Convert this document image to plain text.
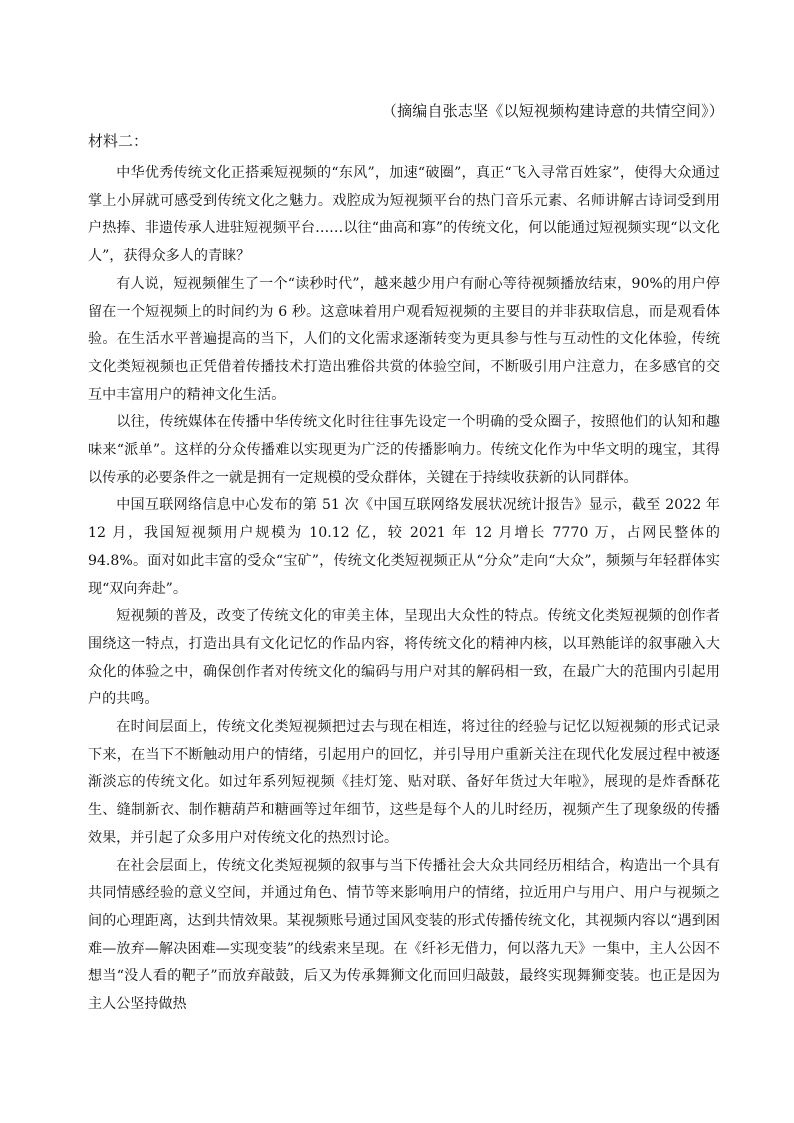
（摘编自张志坚《以短视频构建诗意的共情空间》）

材料二：

中华优秀传统文化正搭乘短视频的“东风”，加速“破圈”，真正“飞入寻常百姓家”，使得大众通过掌上小屏就可感受到传统文化之魅力。戏腔成为短视频平台的热门音乐元素、名师讲解古诗词受到用户热捧、非遗传承人进驻短视频平台……以往“曲高和寡”的传统文化，何以能通过短视频实现“以文化人”，获得众多人的青睐？

有人说，短视频催生了一个“读秒时代”，越来越少用户有耐心等待视频播放结束，90%的用户停留在一个短视频上的时间约为 6 秒。这意味着用户观看短视频的主要目的并非获取信息，而是观看体验。在生活水平普遍提高的当下，人们的文化需求逐渐转变为更具参与性与互动性的文化体验，传统文化类短视频也正凭借着传播技术打造出雅俗共赏的体验空间，不断吸引用户注意力，在多感官的交互中丰富用户的精神文化生活。

以往，传统媒体在传播中华传统文化时往往事先设定一个明确的受众圈子，按照他们的认知和趣味来“派单”。这样的分众传播难以实现更为广泛的传播影响力。传统文化作为中华文明的瑰宝，其得以传承的必要条件之一就是拥有一定规模的受众群体，关键在于持续收获新的认同群体。

中国互联网络信息中心发布的第 51 次《中国互联网络发展状况统计报告》显示，截至 2022 年 12 月，我国短视频用户规模为 10.12 亿，较 2021 年 12 月增长 7770 万，占网民整体的 94.8%。面对如此丰富的受众“宝矿”，传统文化类短视频正从“分众”走向“大众”，频频与年轻群体实现“双向奔赴”。

短视频的普及，改变了传统文化的审美主体，呈现出大众性的特点。传统文化类短视频的创作者围绕这一特点，打造出具有文化记忆的作品内容，将传统文化的精神内核，以耳熟能详的叙事融入大众化的体验之中，确保创作者对传统文化的编码与用户对其的解码相一致，在最广大的范围内引起用户的共鸣。

在时间层面上，传统文化类短视频把过去与现在相连，将过往的经验与记忆以短视频的形式记录下来，在当下不断触动用户的情绪，引起用户的回忆，并引导用户重新关注在现代化发展过程中被逐渐淡忘的传统文化。如过年系列短视频《挂灯笼、贴对联、备好年货过大年啦》，展现的是炸香酥花生、缝制新衣、制作糖葫芦和糖画等过年细节，这些是每个人的儿时经历，视频产生了现象级的传播效果，并引起了众多用户对传统文化的热烈讨论。

在社会层面上，传统文化类短视频的叙事与当下传播社会大众共同经历相结合，构造出一个具有共同情感经验的意义空间，并通过角色、情节等来影响用户的情绪，拉近用户与用户、用户与视频之间的心理距离，达到共情效果。某视频账号通过国风变装的形式传播传统文化，其视频内容以“遇到困难—放弃—解决困难—实现变装”的线索来呈现。在《纤衫无借力，何以落九天》一集中，主人公因不想当“没人看的靶子”而放弃敲鼓，后又为传承舞狮文化而回归敲鼓，最终实现舞狮变装。也正是因为主人公坚持做热
